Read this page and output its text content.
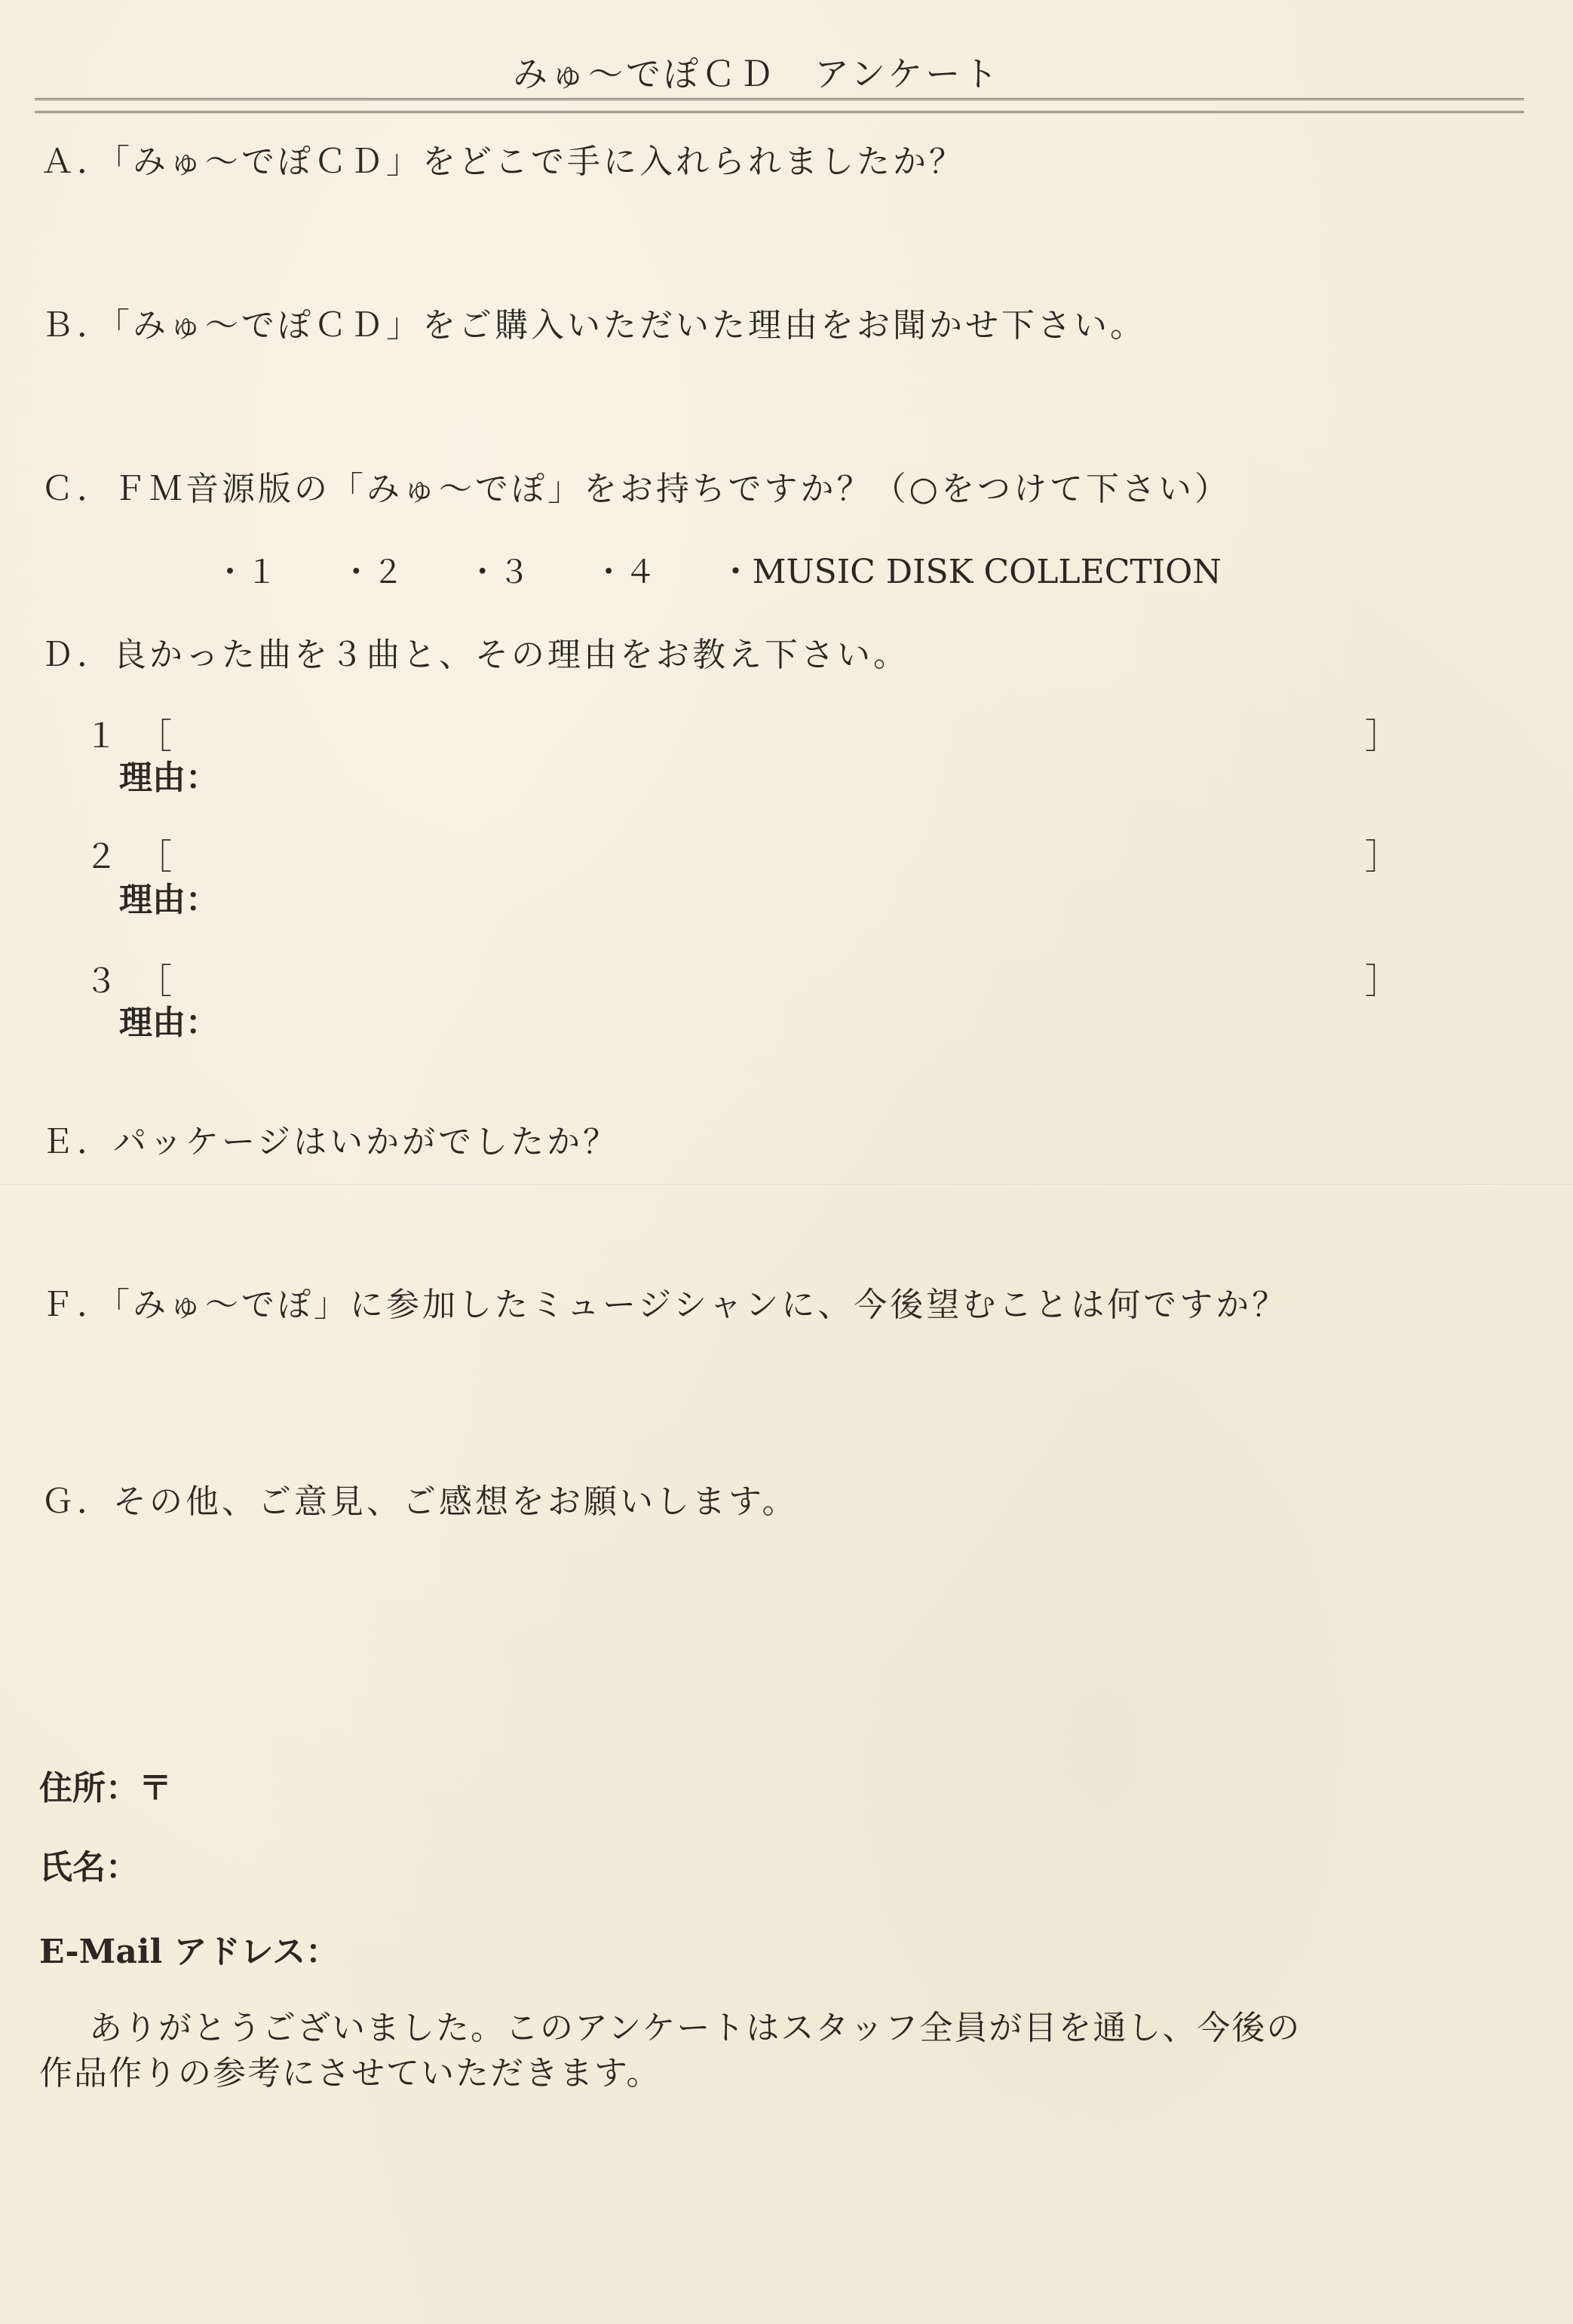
みゅ〜でぽＣＤ　アンケート
Ａ．「みゅ〜でぽＣＤ」をどこで手に入れられましたか？
Ｂ．「みゅ〜でぽＣＤ」をご購入いただいた理由をお聞かせ下さい。
Ｃ．ＦＭ音源版の「みゅ〜でぽ」をお持ちですか？（○をつけて下さい）
・１ ・２ ・３ ・４ ・MUSIC DISK COLLECTION
Ｄ．良かった曲を３曲と、その理由をお教え下さい。
１ ［	］
理由：
２ ［	］
理由：
３ ［	］
理由：
Ｅ．パッケージはいかがでしたか？
Ｆ．「みゅ〜でぽ」に参加したミュージシャンに、今後望むことは何ですか？
Ｇ．その他、ご意見、ご感想をお願いします。
住所：〒
氏名：
E-Mail アドレス：

ありがとうございました。このアンケートはスタッフ全員が目を通し、今後の

作品作りの参考にさせていただきます。
